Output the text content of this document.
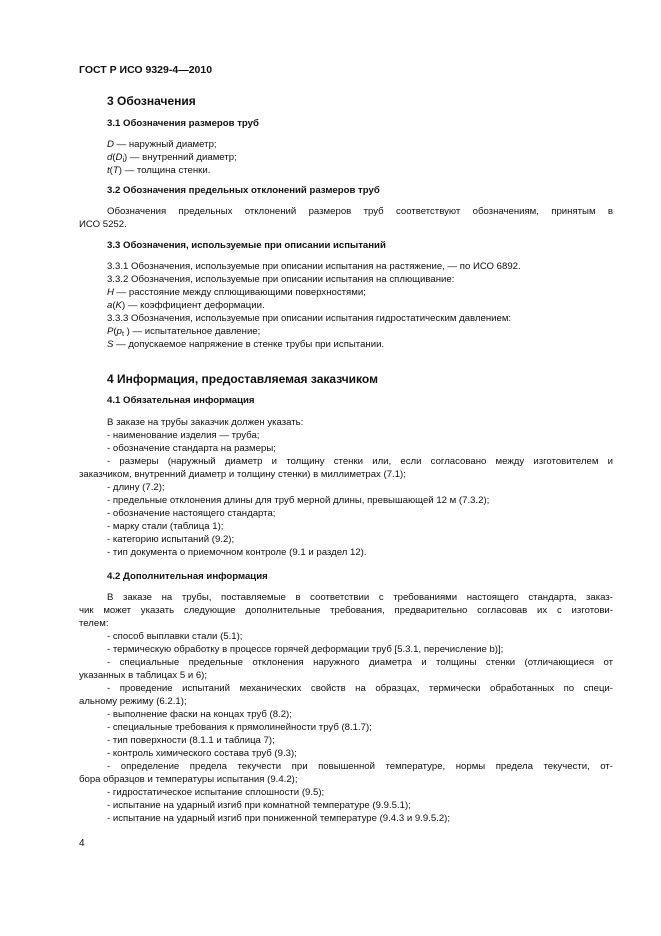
ГОСТ Р ИСО 9329-4—2010
3 Обозначения
3.1 Обозначения размеров труб
D — наружный диаметр;
$d(D_i)$ — внутренний диаметр;
t(T) — толщина стенки.
3.2 Обозначения предельных отклонений размеров труб
Обозначения предельных отклонений размеров труб соответствуют обозначениям, принятым в
ИСО 5252.
3.3 Обозначения, используемые при описании испытаний
3.3.1 Обозначения, используемые при описании испытания на растяжение, — по ИСО 6892.
3.3.2 Обозначения, используемые при описании испытания на сплющивание:
H — расстояние между сплющивающими поверхностями;
a(K) — коэффициент деформации.
3.3.3 Обозначения, используемые при описании испытания гидростатическим давлением:
$P(p_t$ ) — испытательное давление;
S — допускаемое напряжение в стенке трубы при испытании.
4 Информация, предоставляемая заказчиком
4.1 Обязательная информация
В заказе на трубы заказчик должен указать:
- наименование изделия — труба;
- обозначение стандарта на размеры;
- размеры (наружный диаметр и толщину стенки или, если согласовано между изготовителем и
заказчиком, внутренний диаметр и толщину стенки) в миллиметрах (7.1);
- длину (7.2);
- предельные отклонения длины для труб мерной длины, превышающей 12 м (7.3.2);
- обозначение настоящего стандарта;
- марку стали (таблица 1);
- категорию испытаний (9.2);
- тип документа о приемочном контроле (9.1 и раздел 12).
4.2 Дополнительная информация
В заказе на трубы, поставляемые в соответствии с требованиями настоящего стандарта, заказ-
чик может указать следующие дополнительные требования, предварительно согласовав их с изготови-
телем:
- способ выплавки стали (5.1);
- термическую обработку в процессе горячей деформации труб [5.3.1, перечисление b)];
- специальные предельные отклонения наружного диаметра и толщины стенки (отличающиеся от
указанных в таблицах 5 и 6);
- проведение испытаний механических свойств на образцах, термически обработанных по специ-
альному режиму (6.2.1);
- выполнение фаски на концах труб (8.2);
- специальные требования к прямолинейности труб (8.1.7);
- тип поверхности (8.1.1 и таблица 7);
- контроль химического состава труб (9.3);
- определение предела текучести при повышенной температуре, нормы предела текучести, от-
бора образцов и температуры испытания (9.4.2);
- гидростатическое испытание сплошности (9.5);
- испытание на ударный изгиб при комнатной температуре (9.9.5.1);
- испытание на ударный изгиб при пониженной температуре (9.4.3 и 9.9.5.2);
4
